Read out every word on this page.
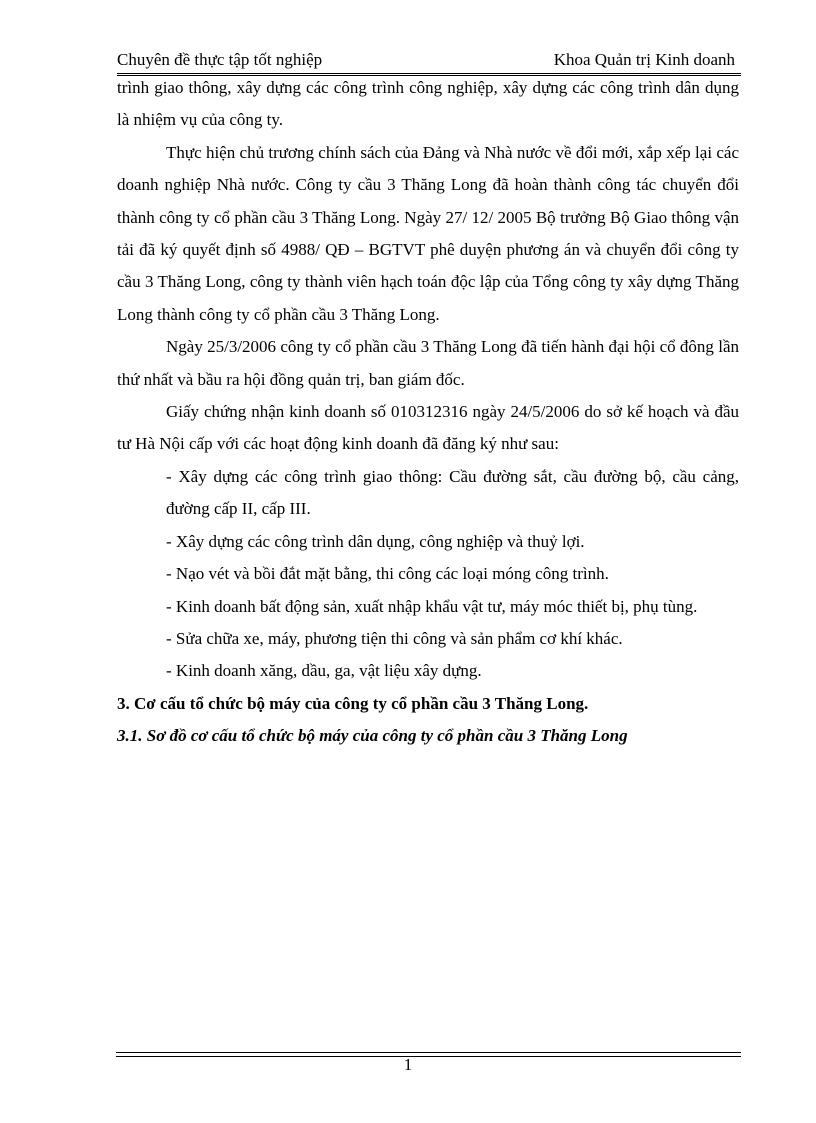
Chuyên đề thực tập tốt nghiệp	Khoa Quản trị Kinh doanh

trình giao thông, xây dựng các công trình công nghiệp, xây dựng các công trình dân dụng là nhiệm vụ của công ty.

Thực hiện chủ trương chính sách của Đảng và Nhà nước về đổi mới, xắp xếp lại các doanh nghiệp Nhà nước. Công ty cầu 3 Thăng Long đã hoàn thành công tác chuyển đổi thành công ty cổ phần cầu 3 Thăng Long. Ngày 27/ 12/ 2005 Bộ trưởng Bộ Giao thông vận tải đã ký quyết định số 4988/ QĐ – BGTVT phê duyện phương án và chuyển đổi công ty cầu 3 Thăng Long, công ty thành viên hạch toán độc lập của Tổng công ty xây dựng Thăng Long thành công ty cổ phần cầu 3 Thăng Long.

Ngày 25/3/2006 công ty cổ phần cầu 3 Thăng Long đã tiến hành đại hội cổ đông lần thứ nhất và bầu ra hội đồng quản trị, ban giám đốc.

Giấy chứng nhận kinh doanh số 010312316 ngày 24/5/2006 do sở kế hoạch và đầu tư Hà Nội cấp với các hoạt động kinh doanh đã đăng ký như sau:

- Xây dựng các công trình giao thông: Cầu đường sắt, cầu đường bộ, cầu cảng, đường cấp II, cấp III.

- Xây dựng các công trình dân dụng, công nghiệp và thuỷ lợi.

- Nạo vét và bồi đắt mặt bằng, thi công các loại móng công trình.

- Kinh doanh bất động sản, xuất nhập khẩu vật tư, máy móc thiết bị, phụ tùng.

- Sửa chữa xe, máy, phương tiện thi công và sản phẩm cơ khí khác.

- Kinh doanh xăng, dầu, ga, vật liệu xây dựng.

3. Cơ cấu tổ chức bộ máy của công ty cổ phần cầu 3 Thăng Long.

3.1. Sơ đồ cơ cấu tổ chức bộ máy của công ty cổ phần cầu 3 Thăng Long

1
